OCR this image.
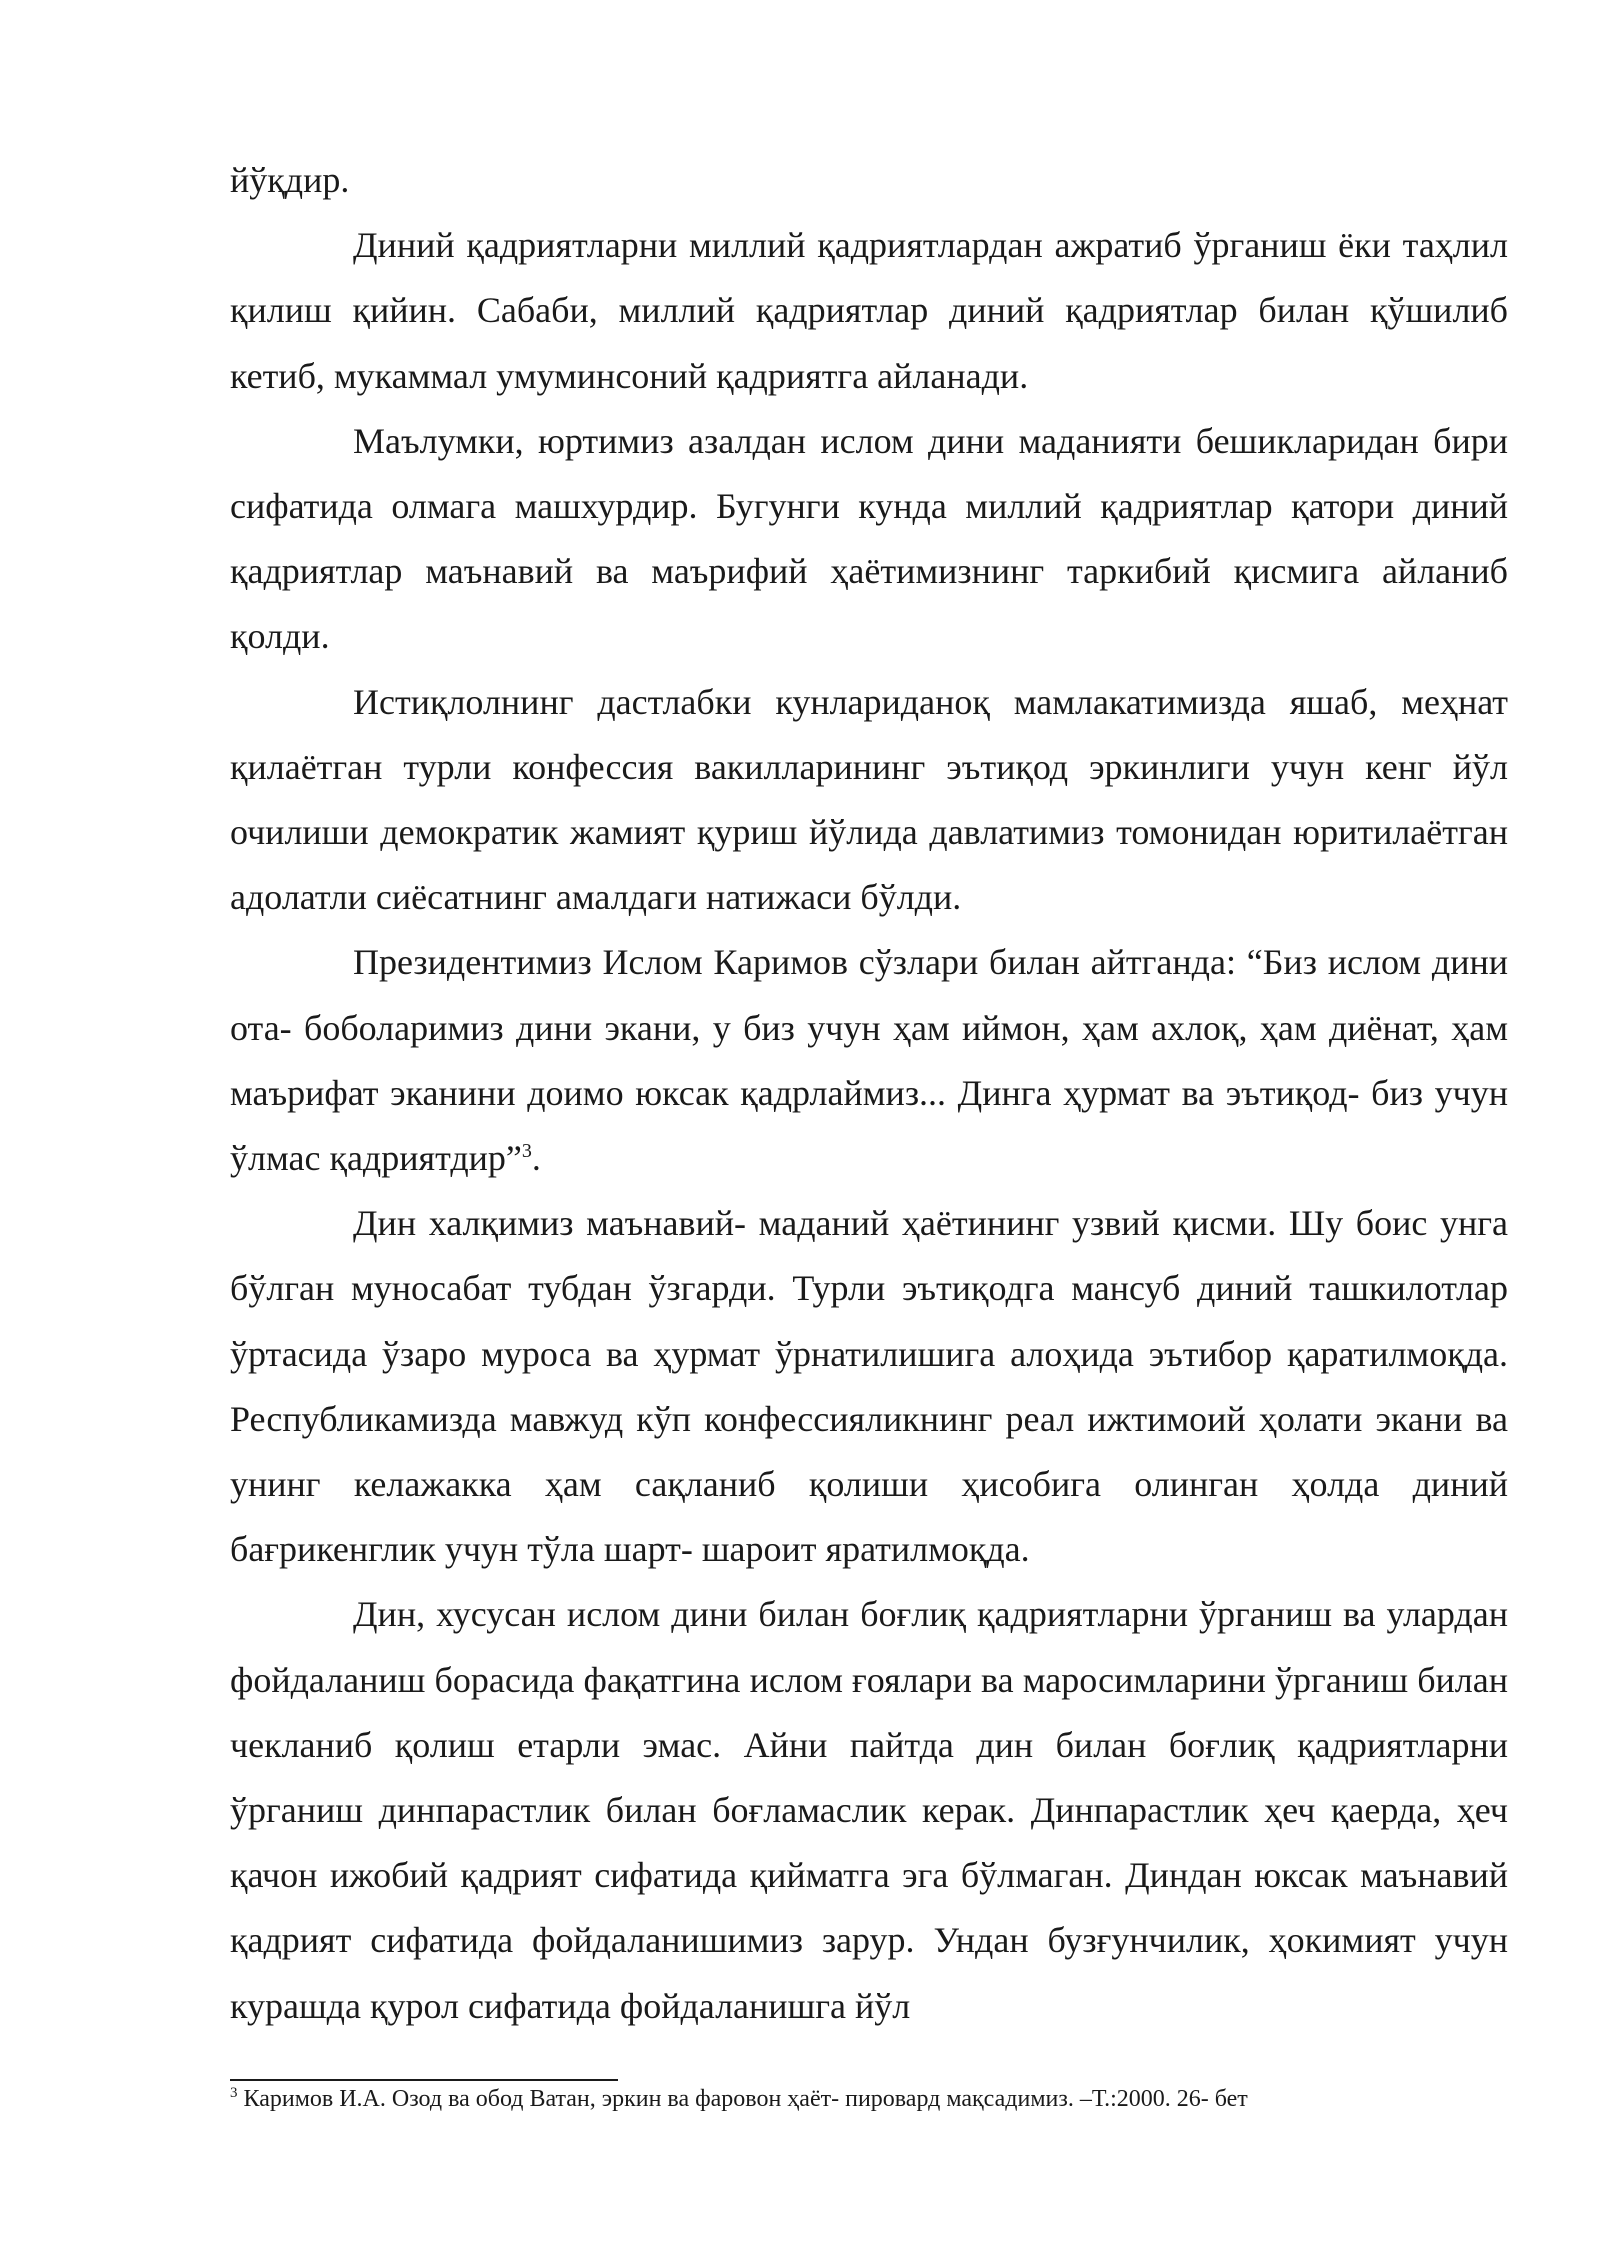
йўқдир.

Диний қадриятларни миллий қадриятлардан ажратиб ўрганиш ёки таҳлил қилиш қийин. Сабаби, миллий қадриятлар диний қадриятлар билан қўшилиб кетиб, мукаммал умуминсоний қадриятга айланади.

Маълумки, юртимиз азалдан ислом дини маданияти бешикларидан бири сифатида олмага машхурдир. Бугунги кунда миллий қадриятлар қатори диний қадриятлар маънавий ва маърифий ҳаётимизнинг таркибий қисмига айланиб қолди.

Истиқлолнинг дастлабки кунлариданоқ мамлакатимизда яшаб, меҳнат қилаётган турли конфессия вакилларининг эътиқод эркинлиги учун кенг йўл очилиши демократик жамият қуриш йўлида давлатимиз томонидан юритилаётган адолатли сиёсатнинг амалдаги натижаси бўлди.

Президентимиз Ислом Каримов сўзлари билан айтганда: “Биз ислом дини ота- боболаримиз дини экани, у биз учун ҳам иймон, ҳам ахлоқ, ҳам диёнат, ҳам маърифат эканини доимо юксак қадрлаймиз... Динга ҳурмат ва эътиқод- биз учун ўлмас қадриятдир”$^3$.

Дин халқимиз маънавий- маданий ҳаётининг узвий қисми. Шу боис унга бўлган муносабат тубдан ўзгарди. Турли эътиқодга мансуб диний ташкилотлар ўртасида ўзаро муроса ва ҳурмат ўрнатилишига алоҳида эътибор қаратилмоқда. Республикамизда мавжуд кўп конфессияликнинг реал ижтимоий ҳолати экани ва унинг келажакка ҳам сақланиб қолиши ҳисобига олинган ҳолда диний бағрикенглик учун тўла шарт- шароит яратилмоқда.

Дин, хусусан ислом дини билан боғлиқ қадриятларни ўрганиш ва улардан фойдаланиш борасида фақатгина ислом ғоялари ва маросимларини ўрганиш билан чекланиб қолиш етарли эмас. Айни пайтда дин билан боғлиқ қадриятларни ўрганиш динпарастлик билан боғламаслик керак. Динпарастлик ҳеч қаерда, ҳеч қачон ижобий қадрият сифатида қийматга эга бўлмаган. Диндан юксак маънавий қадрият сифатида фойдаланишимиз зарур. Ундан бузғунчилик, ҳокимият учун курашда қурол сифатида фойдаланишга йўл

$^3$ Каримов И.А. Озод ва обод Ватан, эркин ва фаровон ҳаёт- пировард мақсадимиз. –Т.:2000. 26- бет
